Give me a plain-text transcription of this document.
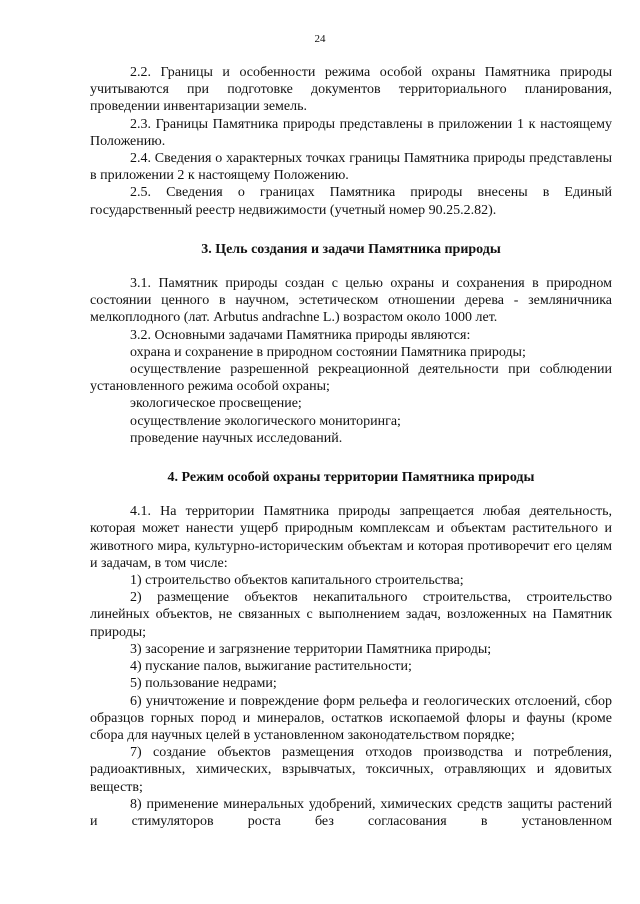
24

2.2. Границы и особенности режима особой охраны Памятника природы учитываются при подготовке документов территориального планирования, проведении инвентаризации земель.

2.3. Границы Памятника природы представлены в приложении 1 к настоящему Положению.

2.4. Сведения о характерных точках границы Памятника природы представлены в приложении 2 к настоящему Положению.

2.5. Сведения о границах Памятника природы внесены в Единый государственный реестр недвижимости (учетный номер 90.25.2.82).

3. Цель создания и задачи Памятника природы

3.1. Памятник природы создан с целью охраны и сохранения в природном состоянии ценного в научном, эстетическом отношении дерева - земляничника мелкоплодного (лат. Arbutus andrachne L.) возрастом около 1000 лет.

3.2. Основными задачами Памятника природы являются:

охрана и сохранение в природном состоянии Памятника природы;

осуществление разрешенной рекреационной деятельности при соблюдении установленного режима особой охраны;

экологическое просвещение;

осуществление экологического мониторинга;

проведение научных исследований.

4. Режим особой охраны территории Памятника природы

4.1. На территории Памятника природы запрещается любая деятельность, которая может нанести ущерб природным комплексам и объектам растительного и животного мира, культурно-историческим объектам и которая противоречит его целям и задачам, в том числе:

1) строительство объектов капитального строительства;

2) размещение объектов некапитального строительства, строительство линейных объектов, не связанных с выполнением задач, возложенных на Памятник природы;

3) засорение и загрязнение территории Памятника природы;

4) пускание палов, выжигание растительности;

5) пользование недрами;

6) уничтожение и повреждение форм рельефа и геологических отслоений, сбор образцов горных пород и минералов, остатков ископаемой флоры и фауны (кроме сбора для научных целей в установленном законодательством порядке;

7) создание объектов размещения отходов производства и потребления, радиоактивных, химических, взрывчатых, токсичных, отравляющих и ядовитых веществ;

8) применение минеральных удобрений, химических средств защиты растений и стимуляторов роста без согласования в установленном
